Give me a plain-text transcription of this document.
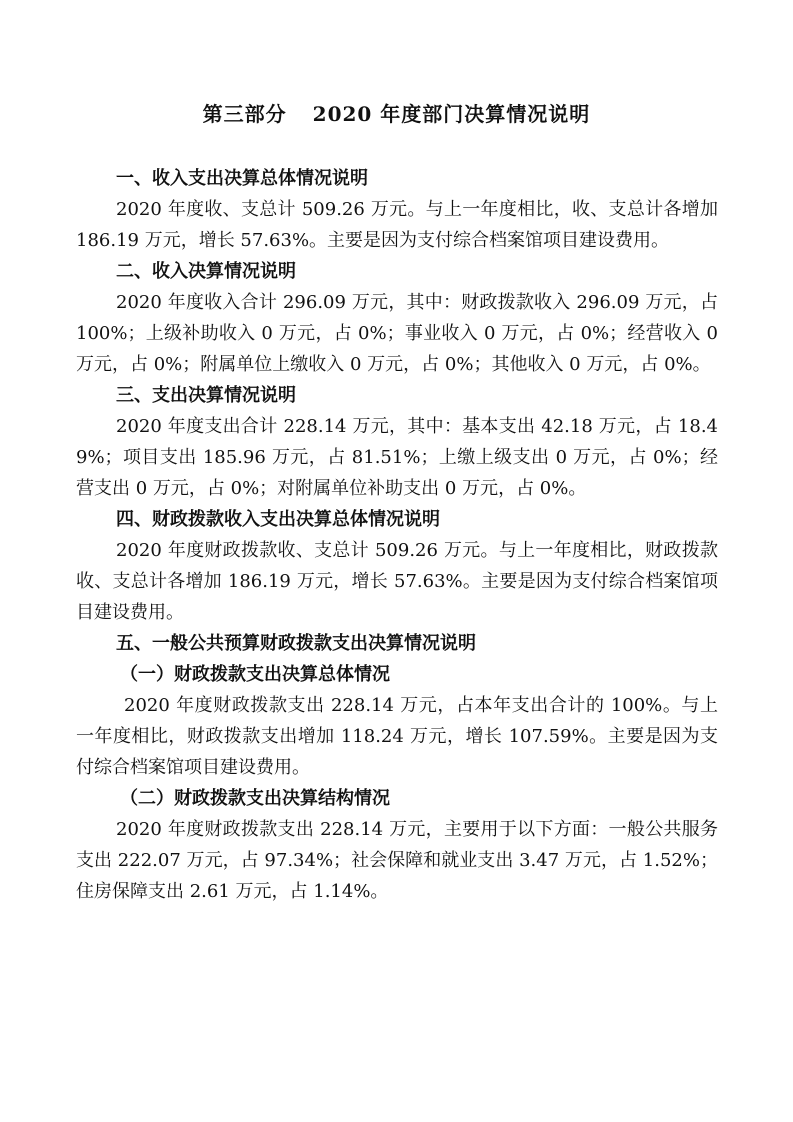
第三部分 2020 年度部门决算情况说明
一、收入支出决算总体情况说明

2020 年度收、支总计 509.26 万元。与上一年度相比，收、支总计各增加 186.19 万元，增长 57.63%。主要是因为支付综合档案馆项目建设费用。

二、收入决算情况说明

2020 年度收入合计 296.09 万元，其中：财政拨款收入 296.09 万元，占 100%；上级补助收入 0 万元，占 0%；事业收入 0 万元，占 0%；经营收入 0 万元，占 0%；附属单位上缴收入 0 万元，占 0%；其他收入 0 万元，占 0%。

三、支出决算情况说明

2020 年度支出合计 228.14 万元，其中：基本支出 42.18 万元，占 18.49%；项目支出 185.96 万元，占 81.51%；上缴上级支出 0 万元，占 0%；经营支出 0 万元，占 0%；对附属单位补助支出 0 万元，占 0%。

四、财政拨款收入支出决算总体情况说明

2020 年度财政拨款收、支总计 509.26 万元。与上一年度相比，财政拨款收、支总计各增加 186.19 万元，增长 57.63%。主要是因为支付综合档案馆项目建设费用。

五、一般公共预算财政拨款支出决算情况说明
（一）财政拨款支出决算总体情况

2020 年度财政拨款支出 228.14 万元，占本年支出合计的 100%。与上一年度相比，财政拨款支出增加 118.24 万元，增长 107.59%。主要是因为支付综合档案馆项目建设费用。

（二）财政拨款支出决算结构情况

2020 年度财政拨款支出 228.14 万元，主要用于以下方面：一般公共服务支出 222.07 万元，占 97.34%；社会保障和就业支出 3.47 万元，占 1.52%；住房保障支出 2.61 万元，占 1.14%。
